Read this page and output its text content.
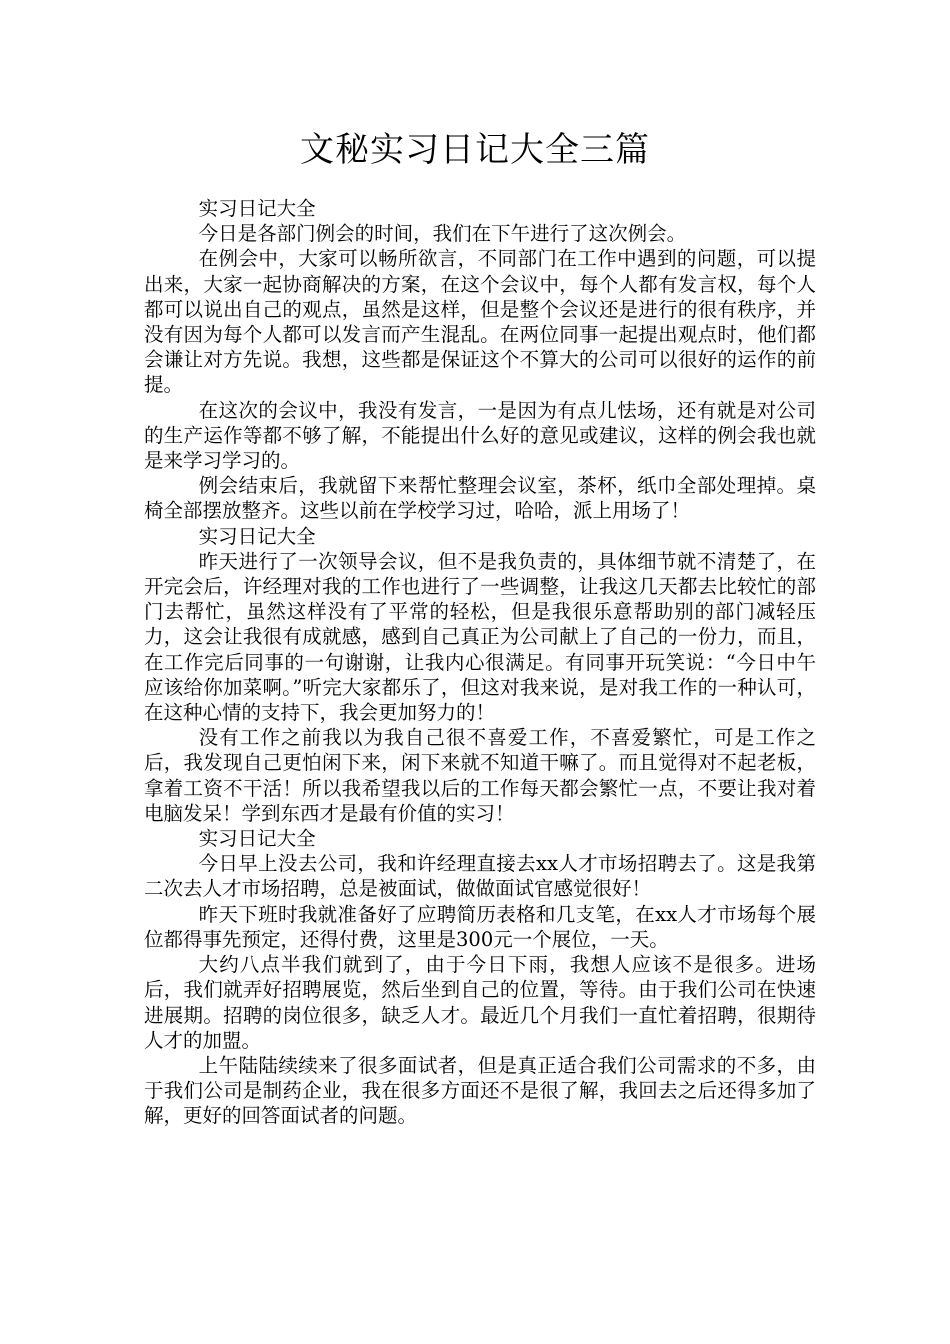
文秘实习日记大全三篇

实习日记大全

今日是各部门例会的时间，我们在下午进行了这次例会。

在例会中，大家可以畅所欲言，不同部门在工作中遇到的问题，可以提出来，大家一起协商解决的方案，在这个会议中，每个人都有发言权，每个人都可以说出自己的观点，虽然是这样，但是整个会议还是进行的很有秩序，并没有因为每个人都可以发言而产生混乱。在两位同事一起提出观点时，他们都会谦让对方先说。我想，这些都是保证这个不算大的公司可以很好的运作的前提。

在这次的会议中，我没有发言，一是因为有点儿怯场，还有就是对公司的生产运作等都不够了解，不能提出什么好的意见或建议，这样的例会我也就是来学习学习的。

例会结束后，我就留下来帮忙整理会议室，茶杯，纸巾全部处理掉。桌椅全部摆放整齐。这些以前在学校学习过，哈哈，派上用场了！

实习日记大全

昨天进行了一次领导会议，但不是我负责的，具体细节就不清楚了，在开完会后，许经理对我的工作也进行了一些调整，让我这几天都去比较忙的部门去帮忙，虽然这样没有了平常的轻松，但是我很乐意帮助别的部门减轻压力，这会让我很有成就感，感到自己真正为公司献上了自己的一份力，而且，在工作完后同事的一句谢谢，让我内心很满足。有同事开玩笑说：“今日中午应该给你加菜啊。”听完大家都乐了，但这对我来说，是对我工作的一种认可，在这种心情的支持下，我会更加努力的！

没有工作之前我以为我自己很不喜爱工作，不喜爱繁忙，可是工作之后，我发现自己更怕闲下来，闲下来就不知道干嘛了。而且觉得对不起老板，拿着工资不干活！所以我希望我以后的工作每天都会繁忙一点，不要让我对着电脑发呆！学到东西才是最有价值的实习！

实习日记大全

今日早上没去公司，我和许经理直接去xx人才市场招聘去了。这是我第二次去人才市场招聘，总是被面试，做做面试官感觉很好！

昨天下班时我就准备好了应聘简历表格和几支笔，在xx人才市场每个展位都得事先预定，还得付费，这里是300元一个展位，一天。

大约八点半我们就到了，由于今日下雨，我想人应该不是很多。进场后，我们就弄好招聘展览，然后坐到自己的位置，等待。由于我们公司在快速进展期。招聘的岗位很多，缺乏人才。最近几个月我们一直忙着招聘，很期待人才的加盟。

上午陆陆续续来了很多面试者，但是真正适合我们公司需求的不多，由于我们公司是制药企业，我在很多方面还不是很了解，我回去之后还得多加了解，更好的回答面试者的问题。
